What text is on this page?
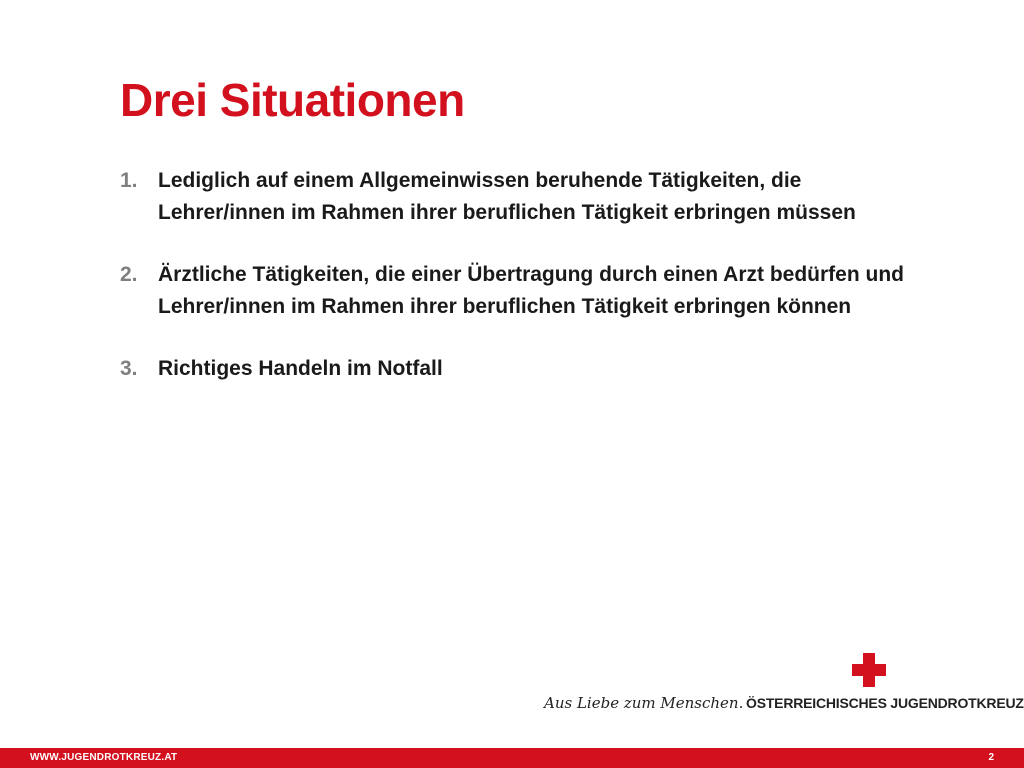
Drei Situationen
1. Lediglich auf einem Allgemeinwissen beruhende Tätigkeiten, die Lehrer/innen im Rahmen ihrer beruflichen Tätigkeit erbringen müssen
2. Ärztliche Tätigkeiten, die einer Übertragung durch einen Arzt bedürfen und Lehrer/innen im Rahmen ihrer beruflichen Tätigkeit erbringen können
3. Richtiges Handeln im Notfall
Aus Liebe zum Menschen. ÖSTERREICHISCHES JUGENDROTKREUZ
WWW.JUGENDROTKREUZ.AT	2
